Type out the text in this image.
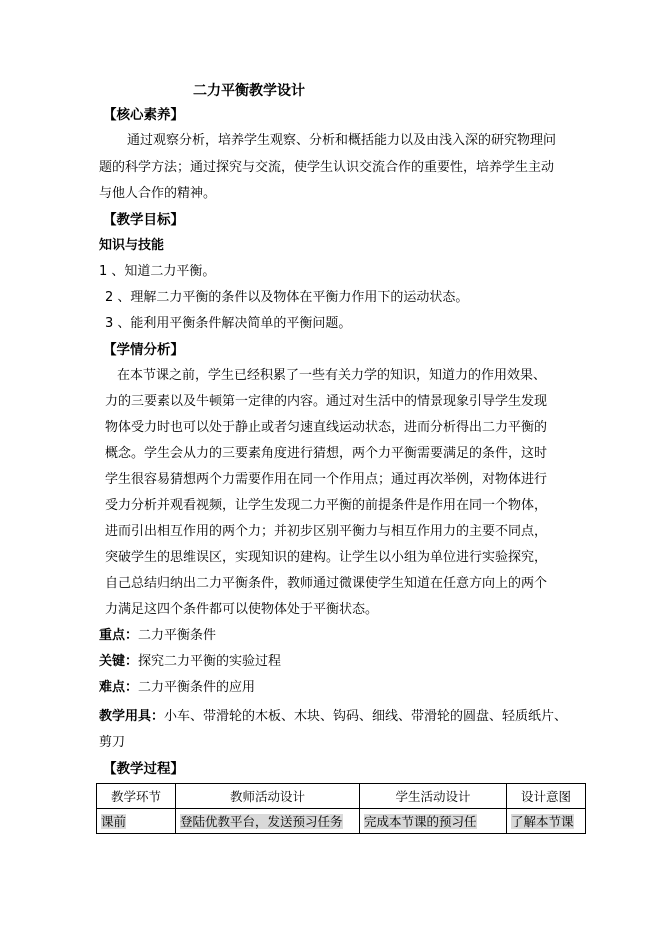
二力平衡教学设计
【核心素养】
通过观察分析，培养学生观察、分析和概括能力以及由浅入深的研究物理问
题的科学方法；通过探究与交流，使学生认识交流合作的重要性，培养学生主动
与他人合作的精神。
【教学目标】
知识与技能
1 、知道二力平衡。
2 、理解二力平衡的条件以及物体在平衡力作用下的运动状态。
3 、能利用平衡条件解决简单的平衡问题。
【学情分析】
在本节课之前，学生已经积累了一些有关力学的知识，知道力的作用效果、
力的三要素以及牛顿第一定律的内容。通过对生活中的情景现象引导学生发现
物体受力时也可以处于静止或者匀速直线运动状态，进而分析得出二力平衡的
概念。学生会从力的三要素角度进行猜想，两个力平衡需要满足的条件，这时
学生很容易猜想两个力需要作用在同一个作用点；通过再次举例，对物体进行
受力分析并观看视频，让学生发现二力平衡的前提条件是作用在同一个物体，
进而引出相互作用的两个力；并初步区别平衡力与相互作用力的主要不同点，
突破学生的思维误区，实现知识的建构。让学生以小组为单位进行实验探究，
自己总结归纳出二力平衡条件，教师通过微课使学生知道在任意方向上的两个
力满足这四个条件都可以使物体处于平衡状态。
重点：二力平衡条件
关键：探究二力平衡的实验过程
难点：二力平衡条件的应用
教学用具：小车、带滑轮的木板、木块、钩码、细线、带滑轮的圆盘、轻质纸片、
剪刀
【教学过程】
教学环节	教师活动设计	学生活动设计	设计意图
课前	登陆优教平台，发送预习任务	完成本节课的预习任	了解本节课
